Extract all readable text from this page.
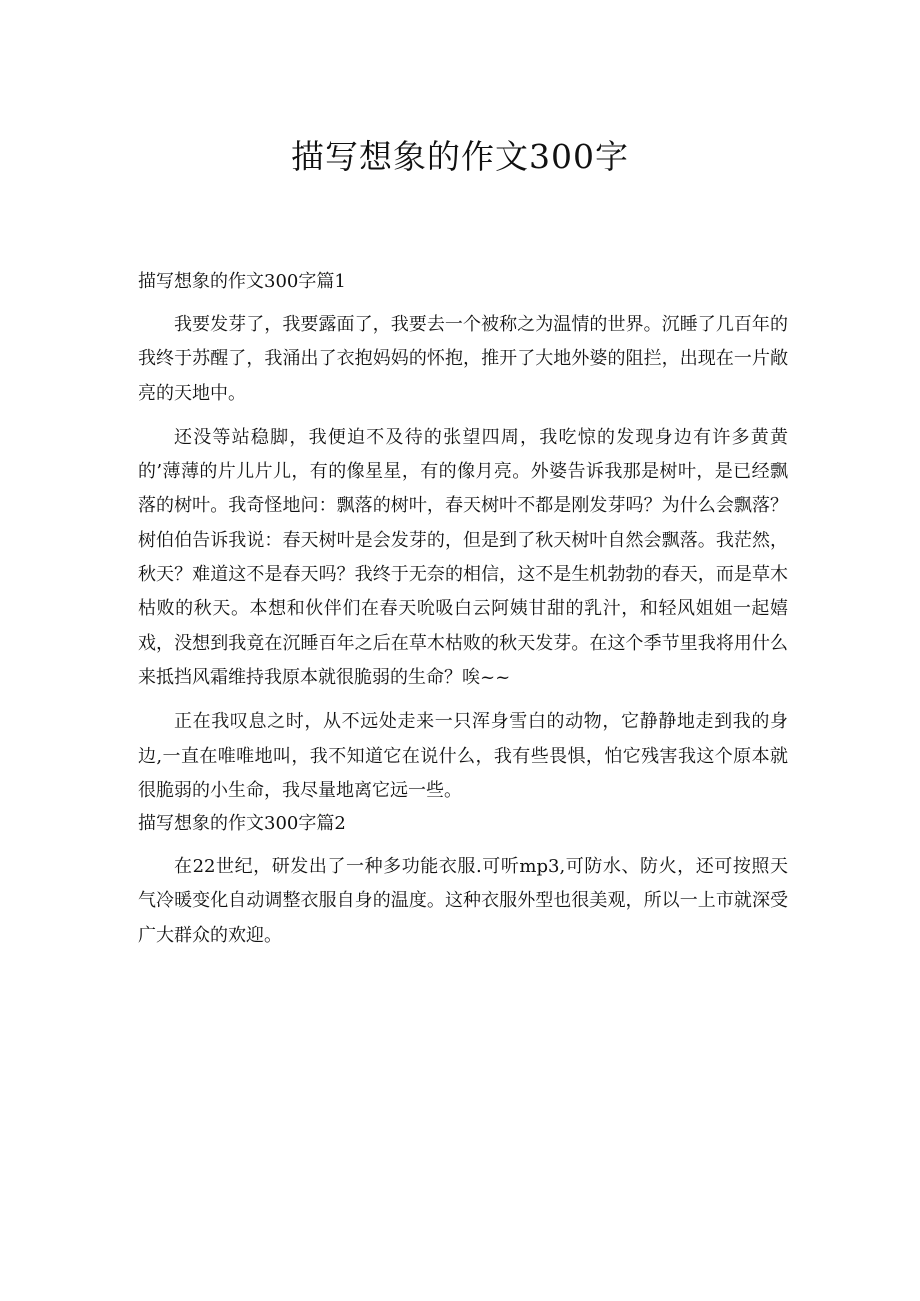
描写想象的作文300字
描写想象的作文300字篇1

我要发芽了，我要露面了，我要去一个被称之为温情的世界。沉睡了几百年的我终于苏醒了，我涌出了衣抱妈妈的怀抱，推开了大地外婆的阻拦，出现在一片敞亮的天地中。

还没等站稳脚，我便迫不及待的张望四周，我吃惊的发现身边有许多黄黄的’薄薄的片儿片儿，有的像星星，有的像月亮。外婆告诉我那是树叶，是已经飘落的树叶。我奇怪地问：飘落的树叶，春天树叶不都是刚发芽吗？为什么会飘落？树伯伯告诉我说：春天树叶是会发芽的，但是到了秋天树叶自然会飘落。我茫然，秋天？难道这不是春天吗？我终于无奈的相信，这不是生机勃勃的春天，而是草木枯败的秋天。本想和伙伴们在春天吮吸白云阿姨甘甜的乳汁，和轻风姐姐一起嬉戏，没想到我竟在沉睡百年之后在草木枯败的秋天发芽。在这个季节里我将用什么来抵挡风霜维持我原本就很脆弱的生命？唉~~

正在我叹息之时，从不远处走来一只浑身雪白的动物，它静静地走到我的身边,一直在唯唯地叫，我不知道它在说什么，我有些畏惧，怕它残害我这个原本就很脆弱的小生命，我尽量地离它远一些。

描写想象的作文300字篇2

在22世纪，研发出了一种多功能衣服.可听mp3,可防水、防火，还可按照天气冷暖变化自动调整衣服自身的温度。这种衣服外型也很美观，所以一上市就深受广大群众的欢迎。
